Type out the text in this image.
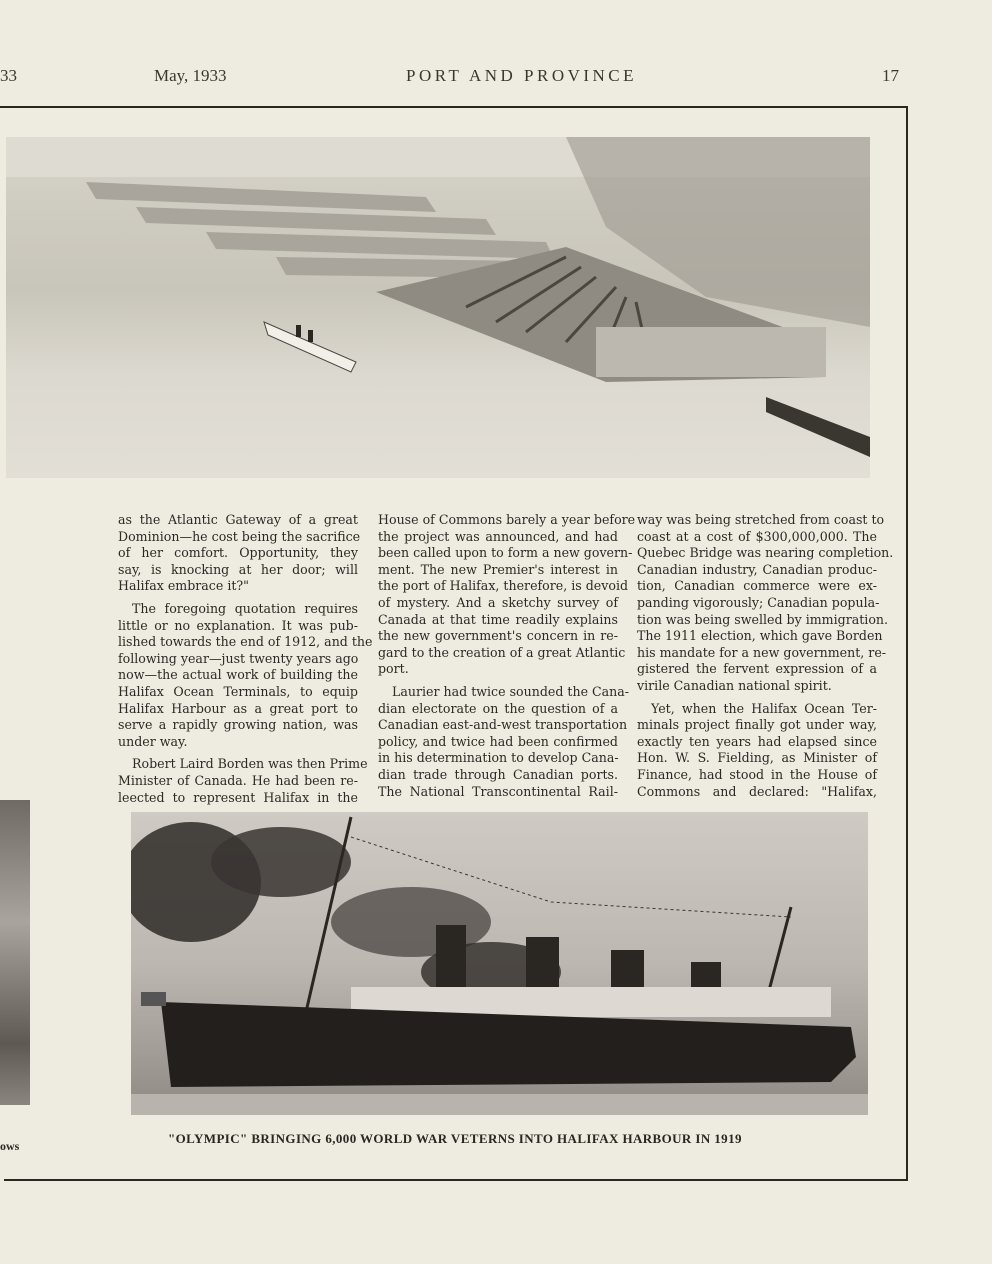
33	May, 1933	PORT AND PROVINCE	17
ows
as the Atlantic Gateway of a great
Dominion—he cost being the sacrifice
of her comfort. Opportunity, they
say, is knocking at her door; will
Halifax embrace it?"
The foregoing quotation requires
little or no explanation. It was pub-
lished towards the end of 1912, and the
following year—just twenty years ago
now—the actual work of building the
Halifax Ocean Terminals, to equip
Halifax Harbour as a great port to
serve a rapidly growing nation, was
under way.
Robert Laird Borden was then Prime
Minister of Canada. He had been re-
leected to represent Halifax in the
House of Commons barely a year before
the project was announced, and had
been called upon to form a new govern-
ment. The new Premier's interest in
the port of Halifax, therefore, is devoid
of mystery. And a sketchy survey of
Canada at that time readily explains
the new government's concern in re-
gard to the creation of a great Atlantic
port.
Laurier had twice sounded the Cana-
dian electorate on the question of a
Canadian east-and-west transportation
policy, and twice had been confirmed
in his determination to develop Cana-
dian trade through Canadian ports.
The National Transcontinental Rail-
way was being stretched from coast to
coast at a cost of $300,000,000. The
Quebec Bridge was nearing completion.
Canadian industry, Canadian produc-
tion, Canadian commerce were ex-
panding vigorously; Canadian popula-
tion was being swelled by immigration.
The 1911 election, which gave Borden
his mandate for a new government, re-
gistered the fervent expression of a
virile Canadian national spirit.
Yet, when the Halifax Ocean Ter-
minals project finally got under way,
exactly ten years had elapsed since
Hon. W. S. Fielding, as Minister of
Finance, had stood in the House of
Commons and declared: "Halifax,
"OLYMPIC" BRINGING 6,000 WORLD WAR VETERNS INTO HALIFAX HARBOUR IN 1919
